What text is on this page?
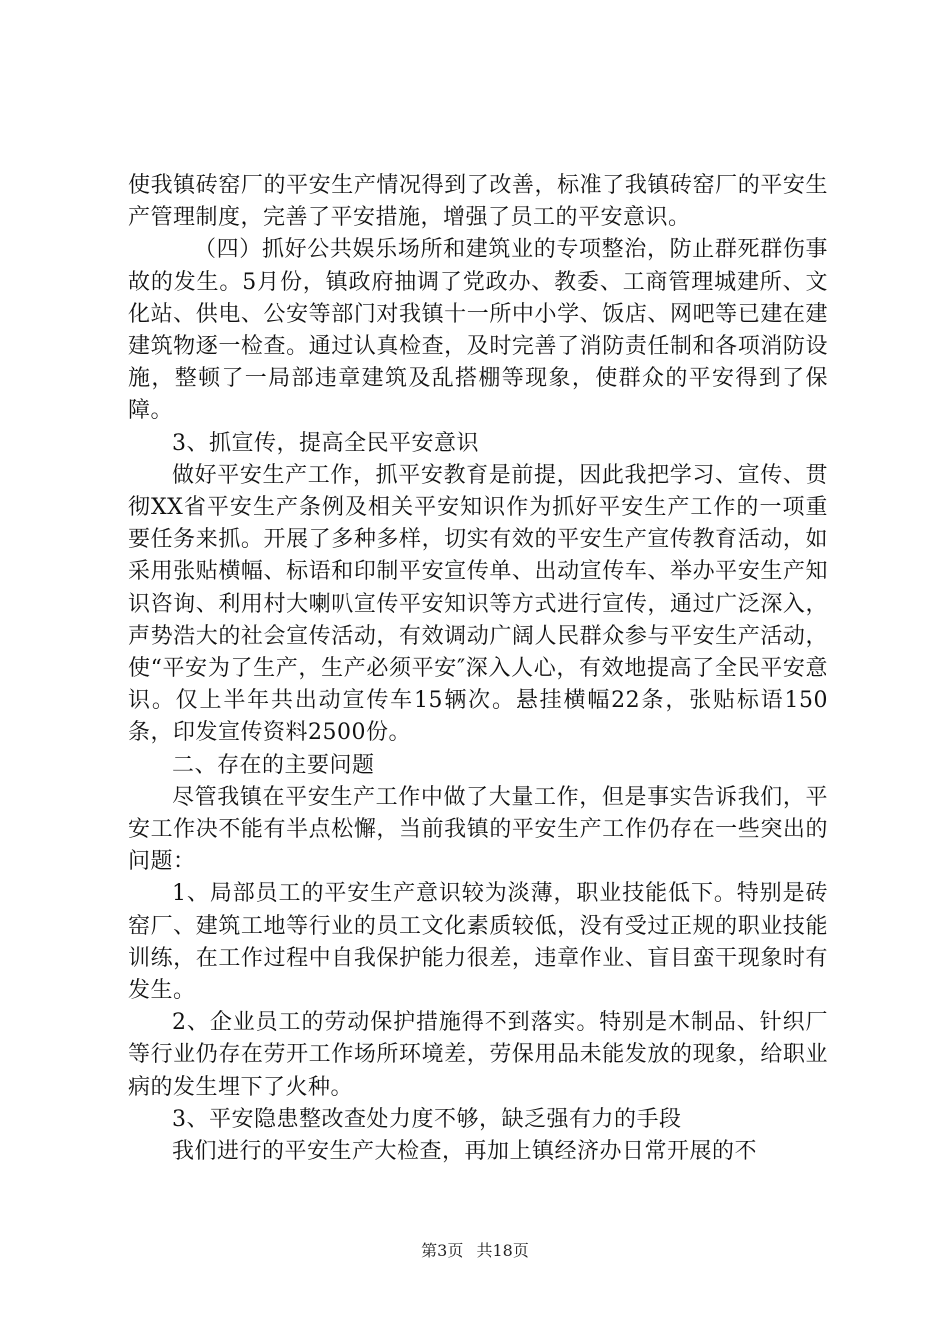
使我镇砖窑厂的平安生产情况得到了改善，标准了我镇砖窑厂的平安生产管理制度，完善了平安措施，增强了员工的平安意识。

（四）抓好公共娱乐场所和建筑业的专项整治，防止群死群伤事故的发生。5月份，镇政府抽调了党政办、教委、工商管理城建所、文化站、供电、公安等部门对我镇十一所中小学、饭店、网吧等已建在建建筑物逐一检查。通过认真检查，及时完善了消防责任制和各项消防设施，整顿了一局部违章建筑及乱搭棚等现象，使群众的平安得到了保障。

3、抓宣传，提高全民平安意识

做好平安生产工作，抓平安教育是前提，因此我把学习、宣传、贯彻XX省平安生产条例及相关平安知识作为抓好平安生产工作的一项重要任务来抓。开展了多种多样，切实有效的平安生产宣传教育活动，如采用张贴横幅、标语和印制平安宣传单、出动宣传车、举办平安生产知识咨询、利用村大喇叭宣传平安知识等方式进行宣传，通过广泛深入，声势浩大的社会宣传活动，有效调动广阔人民群众参与平安生产活动，使“平安为了生产，生产必须平安″深入人心，有效地提高了全民平安意识。仅上半年共出动宣传车15辆次。悬挂横幅22条，张贴标语150条，印发宣传资料2500份。

二、存在的主要问题

尽管我镇在平安生产工作中做了大量工作，但是事实告诉我们，平安工作决不能有半点松懈，当前我镇的平安生产工作仍存在一些突出的问题：

1、局部员工的平安生产意识较为淡薄，职业技能低下。特别是砖窑厂、建筑工地等行业的员工文化素质较低，没有受过正规的职业技能训练，在工作过程中自我保护能力很差，违章作业、盲目蛮干现象时有发生。

2、企业员工的劳动保护措施得不到落实。特别是木制品、针织厂等行业仍存在劳开工作场所环境差，劳保用品未能发放的现象，给职业病的发生埋下了火种。

3、平安隐患整改查处力度不够，缺乏强有力的手段

我们进行的平安生产大检查，再加上镇经济办日常开展的不

第3页 共18页
